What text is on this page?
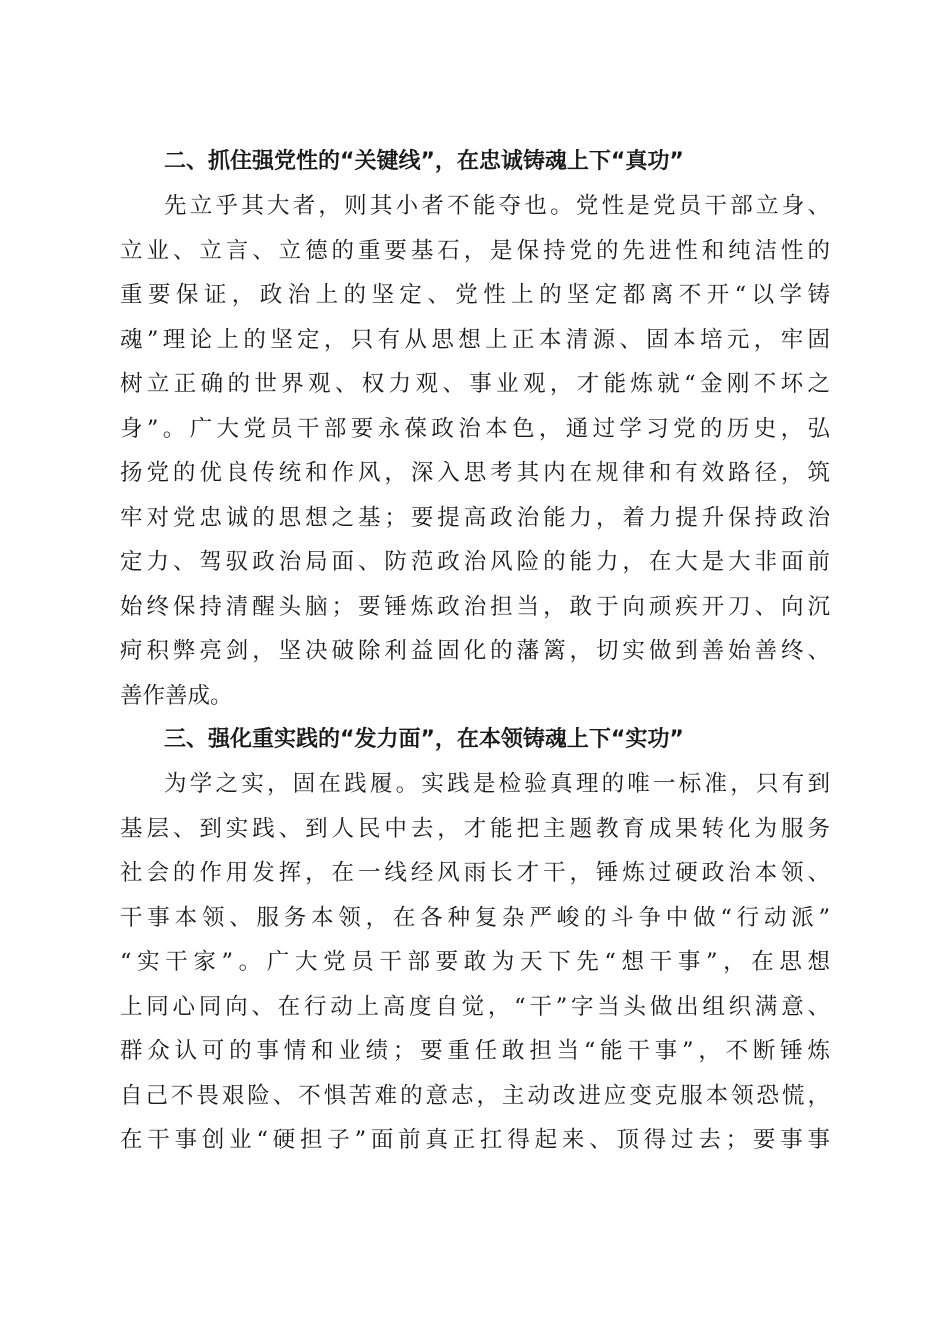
二、抓住强党性的“关键线”，在忠诚铸魂上下“真功”

先立乎其大者，则其小者不能夺也。党性是党员干部立身、

立业、立言、立德的重要基石，是保持党的先进性和纯洁性的

重要保证，政治上的坚定、党性上的坚定都离不开“以学铸

魂”理论上的坚定，只有从思想上正本清源、固本培元，牢固

树立正确的世界观、权力观、事业观，才能炼就“金刚不坏之

身”。广大党员干部要永葆政治本色，通过学习党的历史，弘

扬党的优良传统和作风，深入思考其内在规律和有效路径，筑

牢对党忠诚的思想之基；要提高政治能力，着力提升保持政治

定力、驾驭政治局面、防范政治风险的能力，在大是大非面前

始终保持清醒头脑；要锤炼政治担当，敢于向顽疾开刀、向沉

疴积弊亮剑，坚决破除利益固化的藩篱，切实做到善始善终、

善作善成。

三、强化重实践的“发力面”，在本领铸魂上下“实功”

为学之实，固在践履。实践是检验真理的唯一标准，只有到

基层、到实践、到人民中去，才能把主题教育成果转化为服务

社会的作用发挥，在一线经风雨长才干，锤炼过硬政治本领、

干事本领、服务本领，在各种复杂严峻的斗争中做“行动派”

“实干家”。广大党员干部要敢为天下先“想干事”，在思想

上同心同向、在行动上高度自觉，“干”字当头做出组织满意、

群众认可的事情和业绩；要重任敢担当“能干事”，不断锤炼

自己不畏艰险、不惧苦难的意志，主动改进应变克服本领恐慌，

在干事创业“硬担子”面前真正扛得起来、顶得过去；要事事
